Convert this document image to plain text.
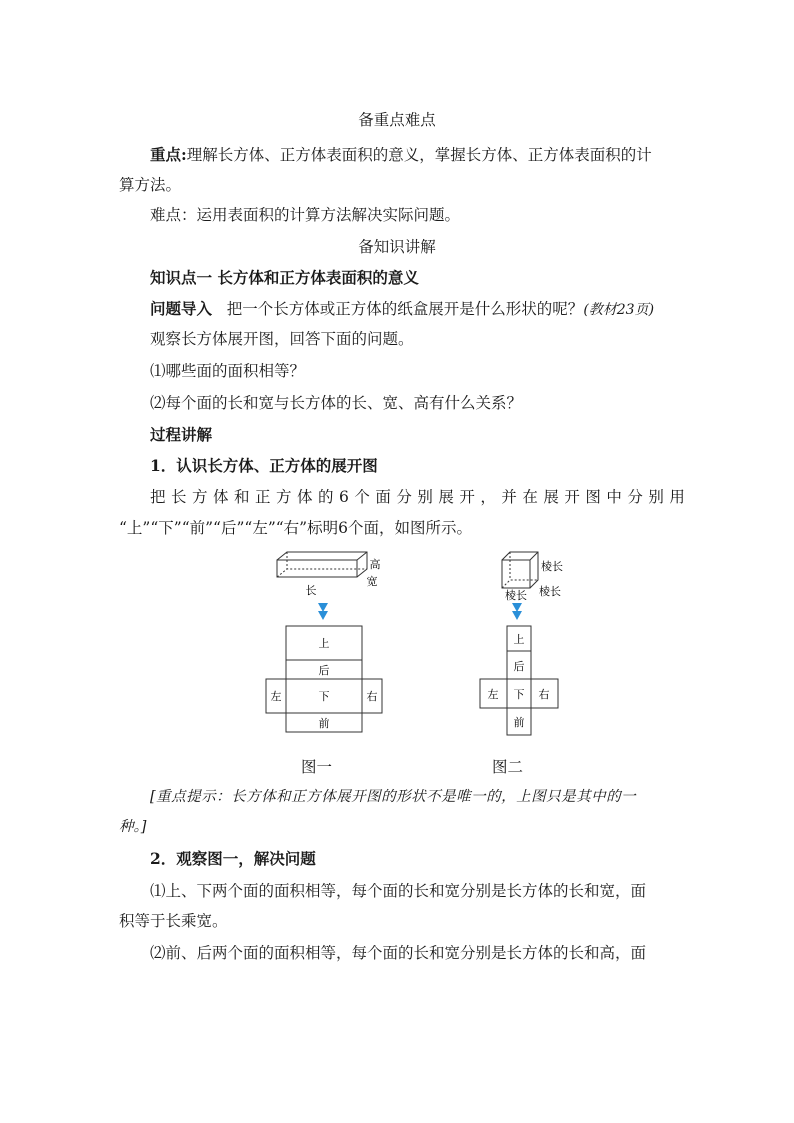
备重点难点
重点:理解长方体、正方体表面积的意义，掌握长方体、正方体表面积的计
算方法。
难点：运用表面积的计算方法解决实际问题。
备知识讲解
知识点一 长方体和正方体表面积的意义
问题导入 把一个长方体或正方体的纸盒展开是什么形状的呢？(教材23页)
观察长方体展开图，回答下面的问题。
⑴哪些面的面积相等？
⑵每个面的长和宽与长方体的长、宽、高有什么关系？
过程讲解
1．认识长方体、正方体的展开图
把长方体和正方体的6个面分别展开，并在展开图中分别用
“上”“下”“前”“后”“左”“右”标明6个面，如图所示。
长
高
宽
上
后
左	下	右
前
棱长
棱长
棱长
上
后
左 下 右
前
图一	图二
[重点提示：长方体和正方体展开图的形状不是唯一的，上图只是其中的一
种。]
2．观察图一，解决问题
⑴上、下两个面的面积相等，每个面的长和宽分别是长方体的长和宽，面
积等于长乘宽。
⑵前、后两个面的面积相等，每个面的长和宽分别是长方体的长和高，面
